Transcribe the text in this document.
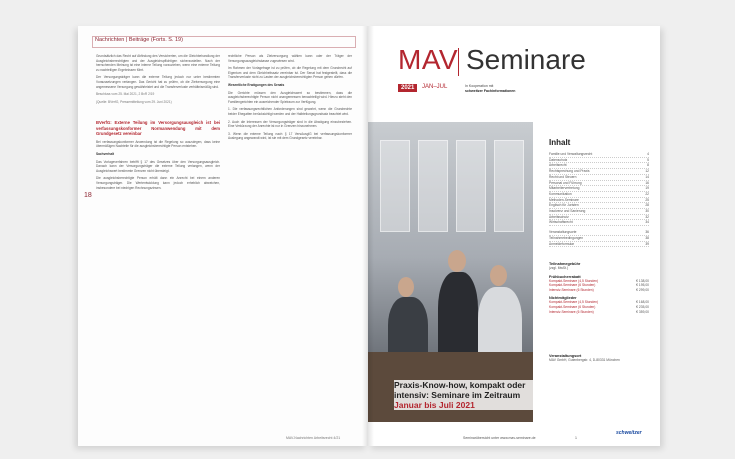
Nachrichten | Beiträge (Forts. S. 19)
18

Grundsätzlich das Recht auf Abfindung des Versicherten, um die Gleichbehandlung der Ausgleichsberechtigten und der Ausgleichspflichtigen sicherzustellen. Nach der herrschenden Meinung ist eine interne Teilung vorzuziehen, wenn eine externe Teilung zu nachteiligen Ergebnissen führt.

Der Versorgungsträger kann die externe Teilung jedoch nur unter bestimmten Voraussetzungen verlangen. Das Gericht hat zu prüfen, ob die Zielversorgung eine angemessene Versorgung gewährleistet und die Transferverluste verhältnismäßig sind.

Beschluss vom 25. Mai 2021, 2 BvR 2/19

(Quelle: BVerfG, Pressemitteilung vom 29. Juni 2021)

BVerfG: Externe Teilung im Versorgungsausgleich ist bei verfassungskonformer Normanwendung mit dem Grundgesetz vereinbar

Bei verfassungskonformer Anwendung ist die Regelung so auszulegen, dass keine übermäßigen Nachteile für die ausgleichsberechtigte Person entstehen.

Sachverhalt

Das Vorlageverfahren betrifft § 17 des Gesetzes über den Versorgungsausgleich. Danach kann der Versorgungsträger die externe Teilung verlangen, wenn der Ausgleichswert bestimmte Grenzen nicht übersteigt.

Die ausgleichsberechtigte Person erhält dann ein Anrecht bei einem anderen Versorgungsträger. Die Wertentwicklung kann jedoch erheblich abweichen, insbesondere bei niedrigen Rechnungszinsen.

rechtliche Person als Zielversorgung wählen kann oder der Träger der Versorgungsausgleichskasse zugewiesen wird.

Im Rahmen der Vorlagefrage ist zu prüfen, ob die Regelung mit dem Grundrecht auf Eigentum und dem Gleichheitssatz vereinbar ist. Der Senat hat festgestellt, dass die Transferverluste nicht zu Lasten der ausgleichsberechtigten Person gehen dürfen.

Wesentliche Erwägungen des Senats

Die Gerichte müssen den Ausgleichswert so bestimmen, dass die ausgleichsberechtigte Person nicht unangemessen benachteiligt wird. Hierzu steht den Familiengerichten ein ausreichender Spielraum zur Verfügung.

1. Die verfassungsrechtlichen Anforderungen sind gewahrt, wenn die Grundrechte beider Ehegatten berücksichtigt werden und der Halbteilungsgrundsatz beachtet wird.

2. Auch die Interessen der Versorgungsträger sind in die Abwägung einzubeziehen. Eine Verkürzung der Anrechte ist nur in Grenzen hinzunehmen.

3. Wenn die externe Teilung nach § 17 VersAusglG bei verfassungskonformer Auslegung angewandt wird, ist sie mit dem Grundgesetz vereinbar.

MAV-Nachrichten Arbeitsrecht 4/21
MAV Seminare
2021	JAN–JUL	In Kooperation mit
schweitzer Fachinformationen
Praxis-Know-how, kompakt oder intensiv: Seminare im Zeitraum
Januar bis Juli 2021
Inhalt
Familie und Verwaltungsrecht	4
Datenschutz	5
Arbeitsrecht	8
Rechtsprechung und Praxis	12
Recht und Steuern	14
Personal und Führung	16
Mitarbeitervertretung	19
Kommunikation	22
Methoden-Seminare	25
Englisch für Juristen	28
Insolvenz und Sanierung	30
Arbeitsschutz	32
Wirtschaftsrecht	34
Veranstaltungsorte	36
Teilnahmebedingungen	38
Anmeldeformular	39
Teilnahmegebühr
(zzgl. MwSt.)
Frühbucherrabatt
Kompakt-Seminare (4,5 Stunden)	€ 138,00
Kompakt-Seminare (6 Stunden)	€ 195,00
Intensiv-Seminare (6 Stunden)	€ 299,00
Nichtmitglieder
Kompakt-Seminare (4,5 Stunden)	€ 168,00
Kompakt-Seminare (6 Stunden)	€ 235,00
Intensiv-Seminare (6 Stunden)	€ 359,00
Veranstaltungsort
MAV GmbH, Gutenbergstr. 4, D-80331 München
Seminarübersicht unter www.mav-seminare.de	1
schweitzer
